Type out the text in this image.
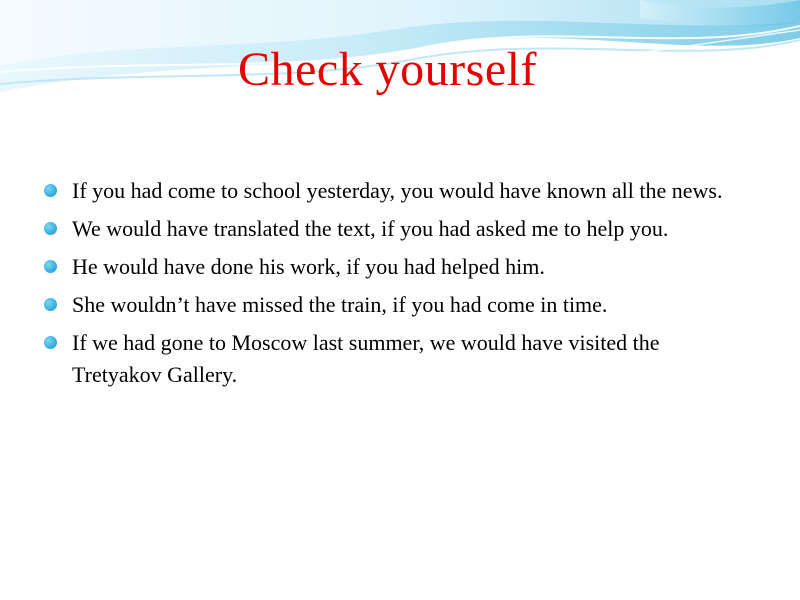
Check yourself
If you had come to school yesterday, you would have known all the news.
We would have translated the text, if you had asked me to help you.
He would have done his work, if you had helped him.
She wouldn’t have missed the train, if you had come in time.
If we had gone to Moscow last summer, we would have visited the Tretyakov Gallery.
